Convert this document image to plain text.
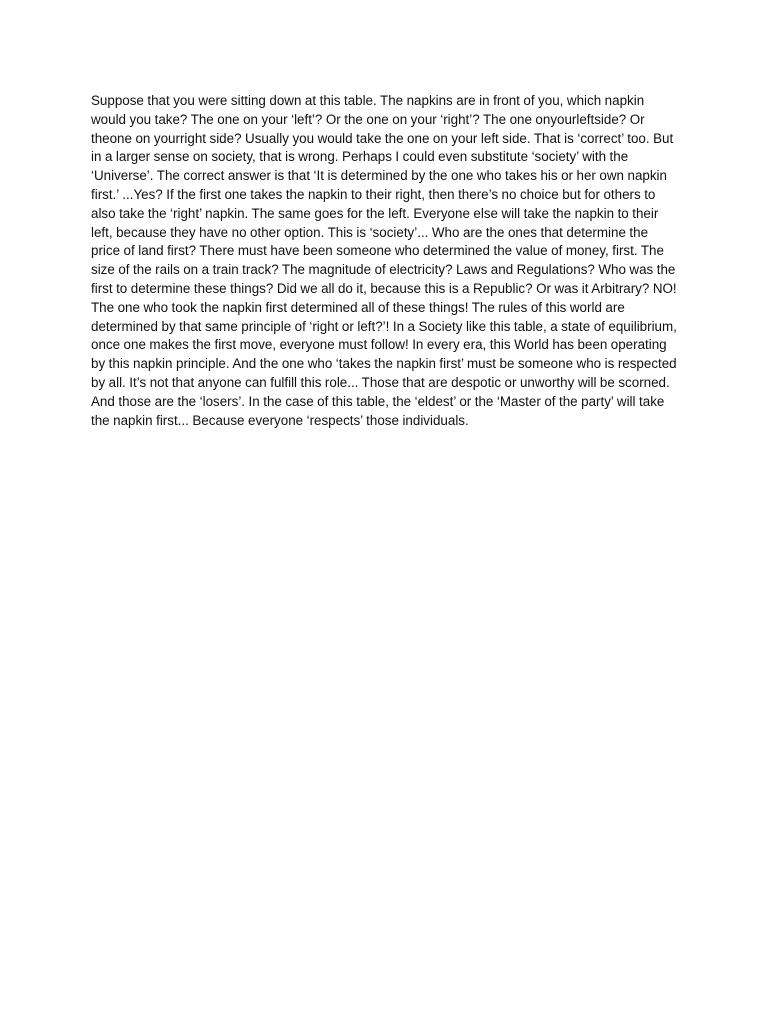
Suppose that you were sitting down at this table. The napkins are in front of you, which napkin would you take? The one on your ‘left’? Or the one on your ‘right’? The one onyourleftside? Or theone on yourright side? Usually you would take the one on your left side. That is ‘correct’ too. But in a larger sense on society, that is wrong. Perhaps I could even substitute ‘society’ with the ‘Universe’. The correct answer is that ‘It is determined by the one who takes his or her own napkin first.’ ...Yes? If the first one takes the napkin to their right, then there’s no choice but for others to also take the ‘right’ napkin. The same goes for the left. Everyone else will take the napkin to their left, because they have no other option. This is ‘society’... Who are the ones that determine the price of land first? There must have been someone who determined the value of money, first. The size of the rails on a train track? The magnitude of electricity? Laws and Regulations? Who was the first to determine these things? Did we all do it, because this is a Republic? Or was it Arbitrary? NO! The one who took the napkin first determined all of these things! The rules of this world are determined by that same principle of ‘right or left?’! In a Society like this table, a state of equilibrium, once one makes the first move, everyone must follow! In every era, this World has been operating by this napkin principle. And the one who ‘takes the napkin first’ must be someone who is respected by all. It’s not that anyone can fulfill this role... Those that are despotic or unworthy will be scorned. And those are the ‘losers’. In the case of this table, the ‘eldest’ or the ‘Master of the party’ will take the napkin first... Because everyone ‘respects’ those individuals.
